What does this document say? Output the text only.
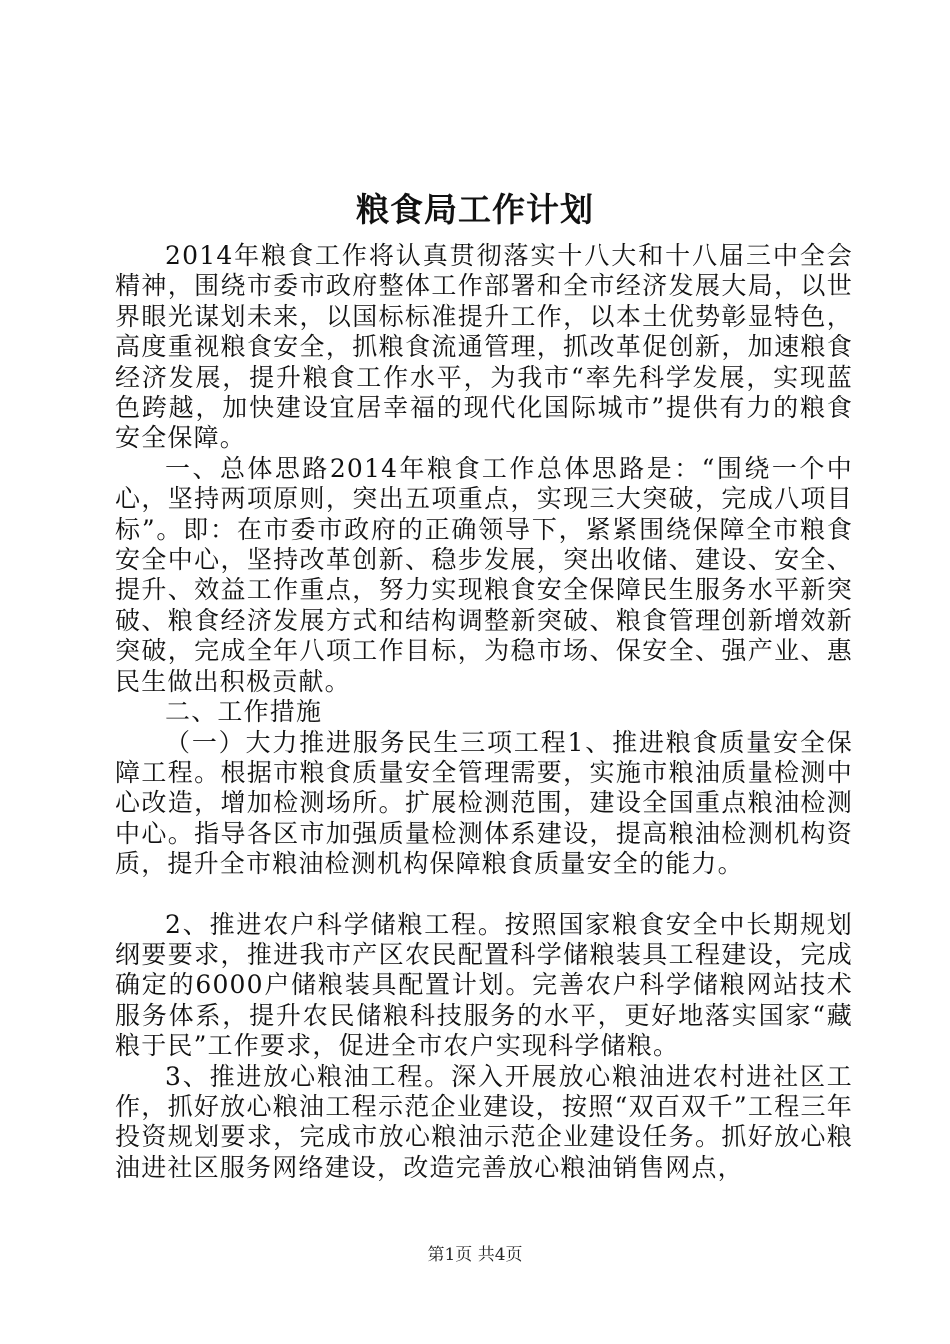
粮食局工作计划

2014年粮食工作将认真贯彻落实十八大和十八届三中全会精神，围绕市委市政府整体工作部署和全市经济发展大局，以世界眼光谋划未来，以国标标准提升工作，以本土优势彰显特色，高度重视粮食安全，抓粮食流通管理，抓改革促创新，加速粮食经济发展，提升粮食工作水平，为我市“率先科学发展，实现蓝色跨越，加快建设宜居幸福的现代化国际城市”提供有力的粮食安全保障。

一、总体思路2014年粮食工作总体思路是：“围绕一个中心，坚持两项原则，突出五项重点，实现三大突破，完成八项目标”。即：在市委市政府的正确领导下，紧紧围绕保障全市粮食安全中心，坚持改革创新、稳步发展，突出收储、建设、安全、提升、效益工作重点，努力实现粮食安全保障民生服务水平新突破、粮食经济发展方式和结构调整新突破、粮食管理创新增效新突破，完成全年八项工作目标，为稳市场、保安全、强产业、惠民生做出积极贡献。

二、工作措施

（一）大力推进服务民生三项工程1、推进粮食质量安全保障工程。根据市粮食质量安全管理需要，实施市粮油质量检测中心改造，增加检测场所。扩展检测范围，建设全国重点粮油检测中心。指导各区市加强质量检测体系建设，提高粮油检测机构资质，提升全市粮油检测机构保障粮食质量安全的能力。

2、推进农户科学储粮工程。按照国家粮食安全中长期规划纲要要求，推进我市产区农民配置科学储粮装具工程建设，完成确定的6000户储粮装具配置计划。完善农户科学储粮网站技术服务体系，提升农民储粮科技服务的水平，更好地落实国家“藏粮于民”工作要求，促进全市农户实现科学储粮。

3、推进放心粮油工程。深入开展放心粮油进农村进社区工作，抓好放心粮油工程示范企业建设，按照“双百双千”工程三年投资规划要求，完成市放心粮油示范企业建设任务。抓好放心粮油进社区服务网络建设，改造完善放心粮油销售网点，

第1页 共4页
